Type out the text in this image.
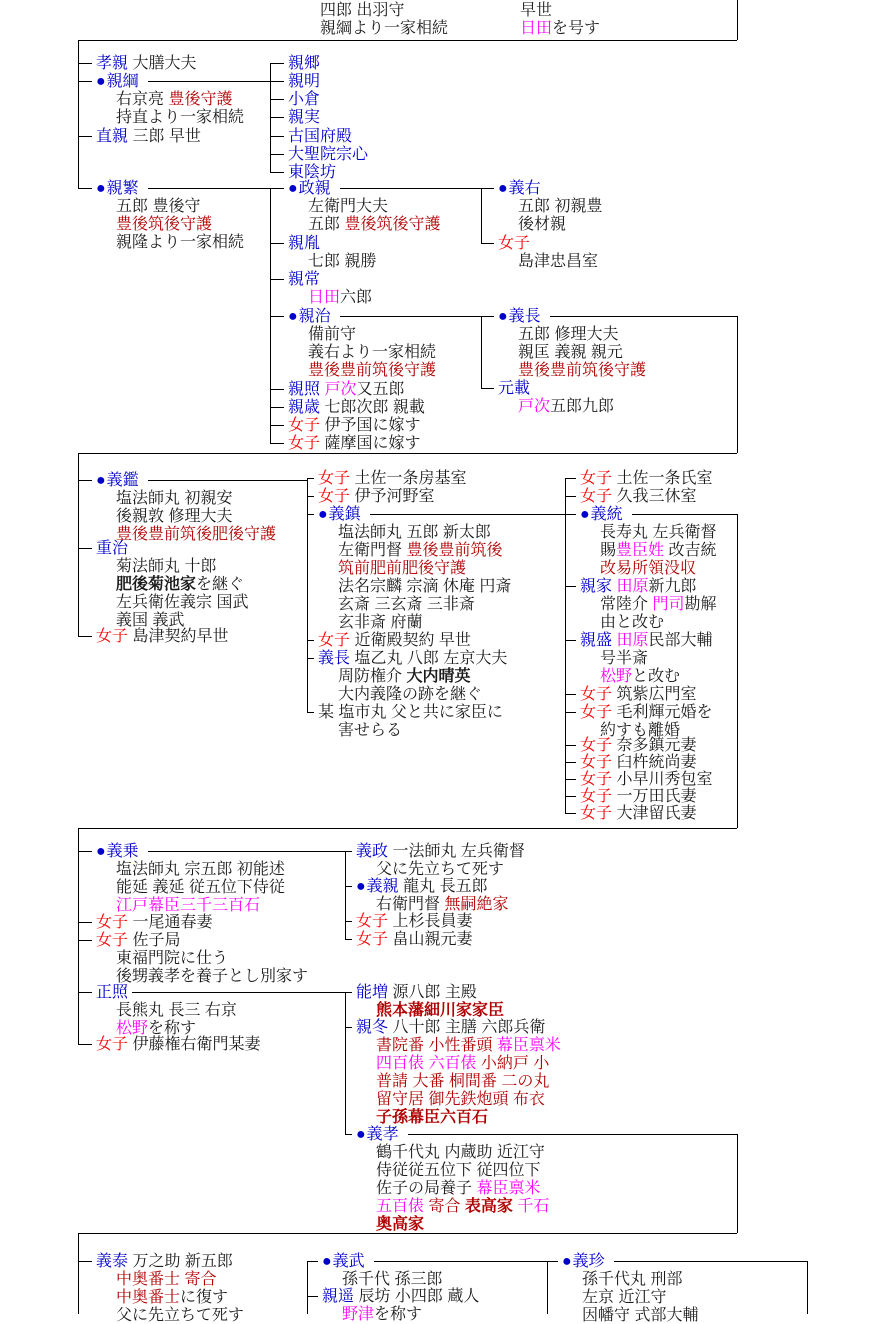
四郎 出羽守
親綱より一家相続
早世
日田を号す
孝親 大膳大夫
●親綱
右京亮 豊後守護
持直より一家相続
直親 三郎 早世
●親繁
五郎 豊後守
豊後筑後守護
親隆より一家相続
親郷
親明
小倉
親実
古国府殿
大聖院宗心
東陰坊
●政親
左衛門大夫
五郎 豊後筑後守護
親胤
七郎 親勝
親常
日田六郎
●親治
備前守
義右より一家相続
豊後豊前筑後守護
親照 戸次又五郎
親歳 七郎次郎 親載
女子 伊予国に嫁す
女子 薩摩国に嫁す
●義右
五郎 初親豊
後材親
女子
島津忠昌室
●義長
五郎 修理大夫
親匡 義親 親元
豊後豊前筑後守護
元載
戸次五郎九郎
●義鑑
塩法師丸 初親安
後親敦 修理大夫
豊後豊前筑後肥後守護
重治
菊法師丸 十郎
肥後菊池家を継ぐ
左兵衛佐義宗 国武
義国 義武
女子 島津契約早世
女子 土佐一条房基室
女子 伊予河野室
●義鎮
塩法師丸 五郎 新太郎
左衛門督 豊後豊前筑後
筑前肥前肥後守護
法名宗麟 宗滴 休庵 円斎
玄斎 三玄斎 三非斎
玄非斎 府蘭
女子 近衛殿契約 早世
義長 塩乙丸 八郎 左京大夫
周防権介 大内晴英
大内義隆の跡を継ぐ
某 塩市丸 父と共に家臣に
害せらる
女子 土佐一条氏室
女子 久我三休室
●義統
長寿丸 左兵衛督
賜豊臣姓 改吉統
改易所領没収
親家 田原新九郎
常陸介 門司勘解
由と改む
親盛 田原民部大輔
号半斎
松野と改む
女子 筑紫広門室
女子 毛利輝元婚を
約すも離婚
女子 奈多鎮元妻
女子 臼杵統尚妻
女子 小早川秀包室
女子 一万田氏妻
女子 大津留氏妻
●義乗
塩法師丸 宗五郎 初能述
能延 義延 従五位下侍従
江戸幕臣三千三百石
女子 一尾通春妻
女子 佐子局
東福門院に仕う
後甥義孝を養子とし別家す
正照
長熊丸 長三 右京
松野を称す
女子 伊藤権右衛門某妻
義政 一法師丸 左兵衛督
父に先立ちて死す
●義親 龍丸 長五郎
右衛門督 無嗣絶家
女子 上杉長員妻
女子 畠山親元妻
能増 源八郎 主殿
熊本藩細川家家臣
親冬 八十郎 主膳 六郎兵衛
書院番 小性番頭 幕臣禀米
四百俵 六百俵 小納戸 小
普請 大番 桐間番 二の丸
留守居 御先鉄炮頭 布衣
子孫幕臣六百石
●義孝
鶴千代丸 内蔵助 近江守
侍従従五位下 従四位下
佐子の局養子 幕臣禀米
五百俵 寄合 表高家 千石
奥高家
義泰 万之助 新五郎
中奥番士 寄合
中奥番士に復す
父に先立ちて死す
●義武
孫千代 孫三郎
親遥 辰坊 小四郎 蔵人
野津を称す
●義珍
孫千代丸 刑部
左京 近江守
因幡守 式部大輔
